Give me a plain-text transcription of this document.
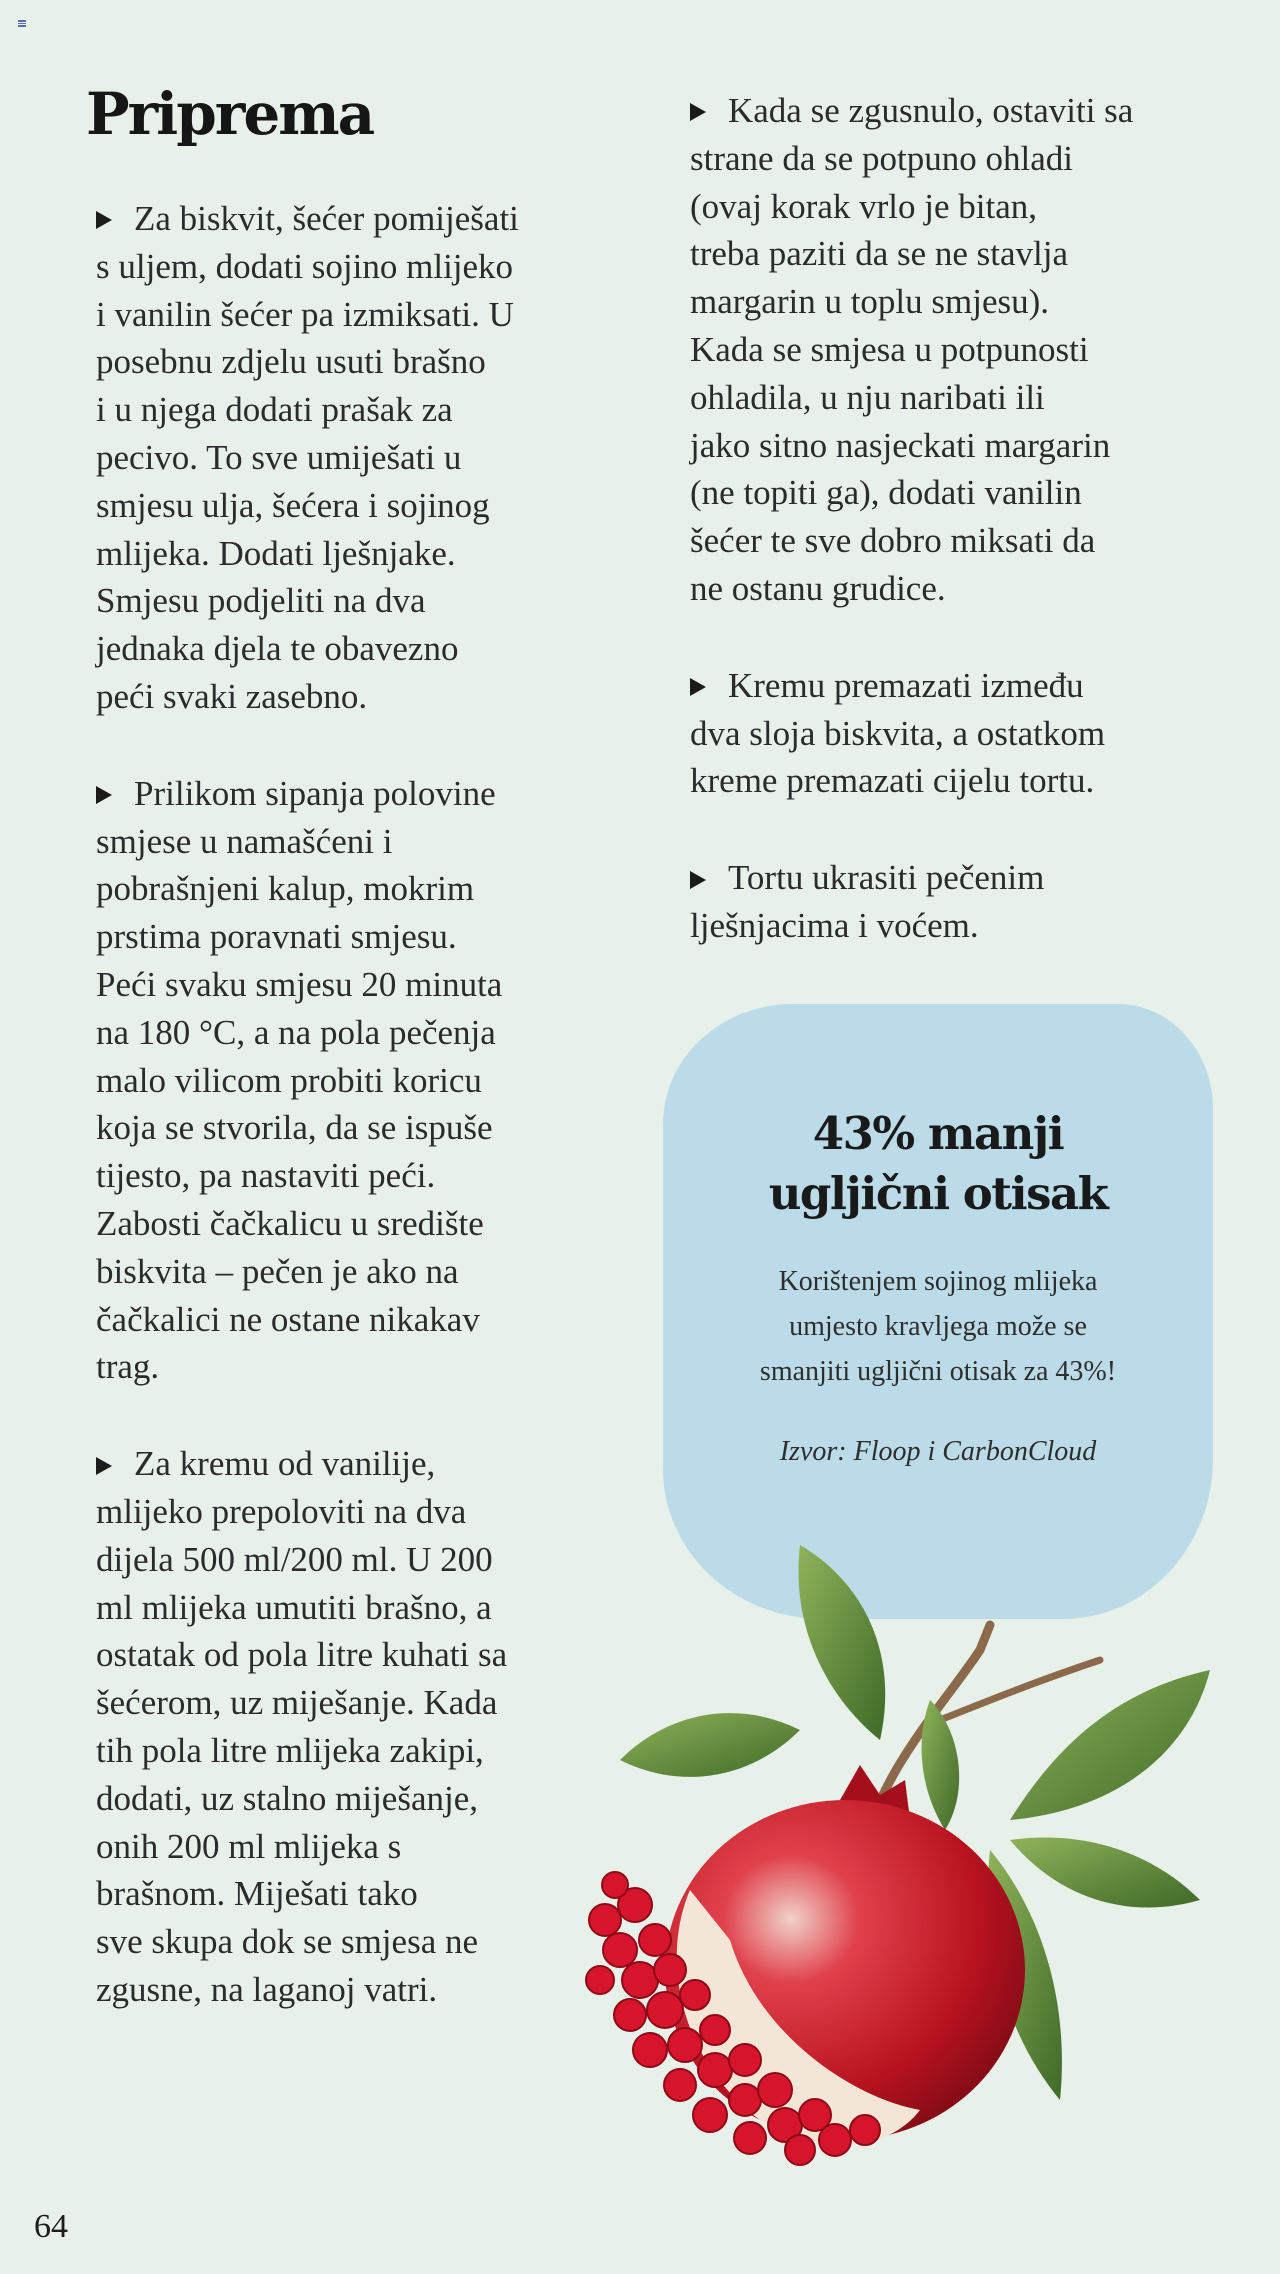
Priprema
Za biskvit, šećer pomiješati
s uljem, dodati sojino mlijeko
i vanilin šećer pa izmiksati. U
posebnu zdjelu usuti brašno
i u njega dodati prašak za
pecivo. To sve umiješati u
smjesu ulja, šećera i sojinog
mlijeka. Dodati lješnjake.
Smjesu podjeliti na dva
jednaka djela te obavezno
peći svaki zasebno.
Prilikom sipanja polovine
smjese u namašćeni i
pobrašnjeni kalup, mokrim
prstima poravnati smjesu.
Peći svaku smjesu 20 minuta
na 180 °C, a na pola pečenja
malo vilicom probiti koricu
koja se stvorila, da se ispuše
tijesto, pa nastaviti peći.
Zabosti čačkalicu u središte
biskvita – pečen je ako na
čačkalici ne ostane nikakav
trag.
Za kremu od vanilije,
mlijeko prepoloviti na dva
dijela 500 ml/200 ml. U 200
ml mlijeka umutiti brašno, a
ostatak od pola litre kuhati sa
šećerom, uz miješanje. Kada
tih pola litre mlijeka zakipi,
dodati, uz stalno miješanje,
onih 200 ml mlijeka s
brašnom. Miješati tako
sve skupa dok se smjesa ne
zgusne, na laganoj vatri.
Kada se zgusnulo, ostaviti sa
strane da se potpuno ohladi
(ovaj korak vrlo je bitan,
treba paziti da se ne stavlja
margarin u toplu smjesu).
Kada se smjesa u potpunosti
ohladila, u nju naribati ili
jako sitno nasjeckati margarin
(ne topiti ga), dodati vanilin
šećer te sve dobro miksati da
ne ostanu grudice.
Kremu premazati između
dva sloja biskvita, a ostatkom
kreme premazati cijelu tortu.
Tortu ukrasiti pečenim
lješnjacima i voćem.
43% manji
ugljični otisak
Korištenjem sojinog mlijeka
umjesto kravljega može se
smanjiti ugljični otisak za 43%!
Izvor: Floop i CarbonCloud
64
